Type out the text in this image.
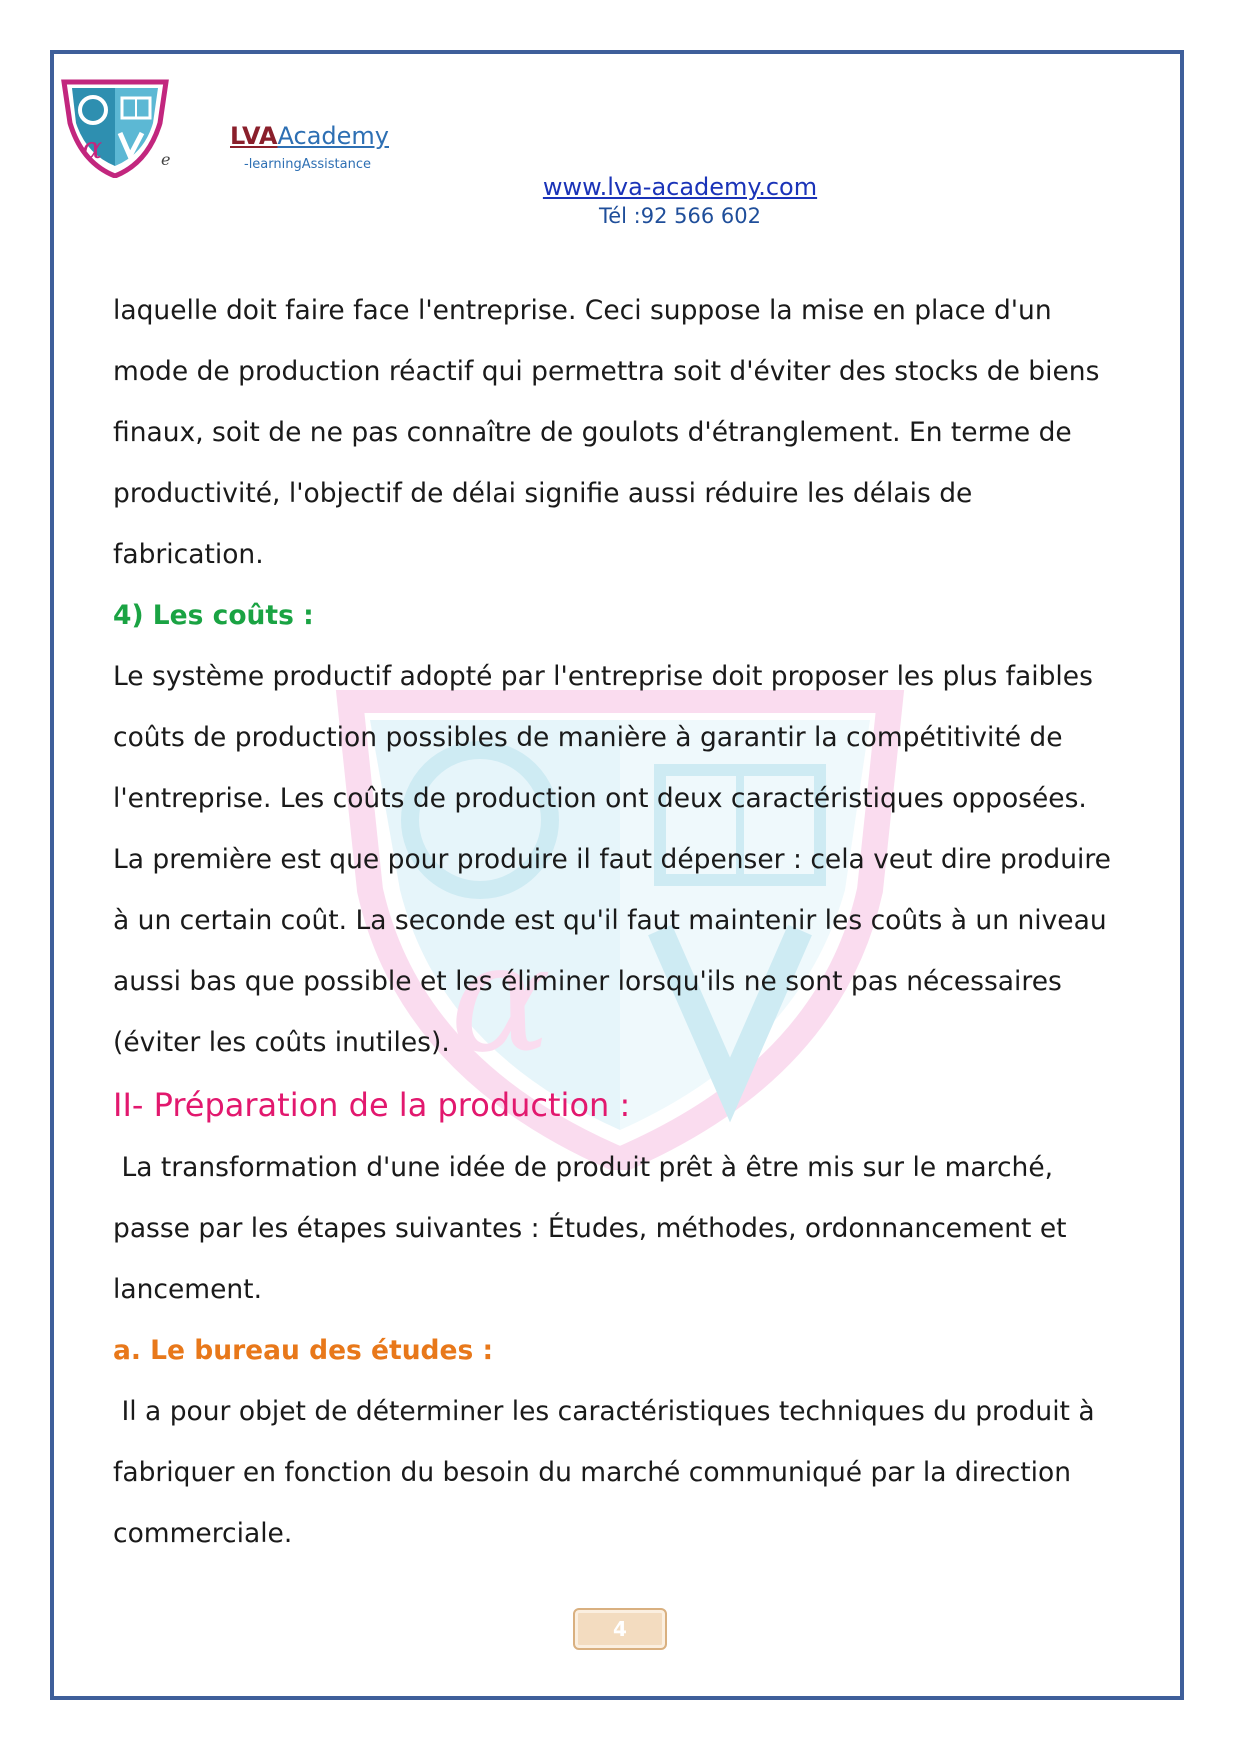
α
α	e
LVAAcademy
-learningAssistance
www.lva-academy.com
Tél :92 566 602

laquelle doit faire face l'entreprise. Ceci suppose la mise en place d'un mode de production réactif qui permettra soit d'éviter des stocks de biens finaux, soit de ne pas connaître de goulots d'étranglement. En terme de productivité, l'objectif de délai signifie aussi réduire les délais de fabrication.

4) Les coûts :

Le système productif adopté par l'entreprise doit proposer les plus faibles coûts de production possibles de manière à garantir la compétitivité de l'entreprise. Les coûts de production ont deux caractéristiques opposées. La première est que pour produire il faut dépenser : cela veut dire produire à un certain coût. La seconde est qu'il faut maintenir les coûts à un niveau aussi bas que possible et les éliminer lorsqu'ils ne sont pas nécessaires (éviter les coûts inutiles).

II- Préparation de la production :

La transformation d'une idée de produit prêt à être mis sur le marché, passe par les étapes suivantes : Études, méthodes, ordonnancement et lancement.

a. Le bureau des études :

Il a pour objet de déterminer les caractéristiques techniques du produit à fabriquer en fonction du besoin du marché communiqué par la direction commerciale.

4
